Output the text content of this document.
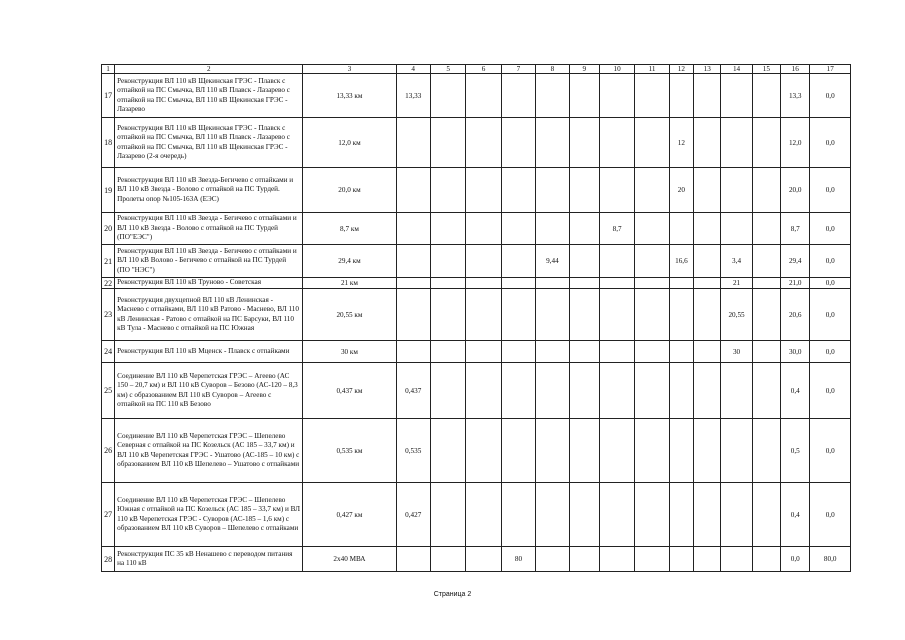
1	2	3	4	5	6	7	8	9	10	11	12	13	14	15	16	17
17	Реконструкция ВЛ 110 кВ Щекинская ГРЭС - Плавск с отпайкой на ПС Смычка, ВЛ 110 кВ Плавск - Лазарево с отпайкой на ПС Смычка, ВЛ 110 кВ Щекинская ГРЭС - Лазарево	13,33 км	13,33												13,3	0,0
18	Реконструкция ВЛ 110 кВ Щекинская ГРЭС - Плавск с отпайкой на ПС Смычка, ВЛ 110 кВ Плавск - Лазарево с отпайкой на ПС Смычка, ВЛ 110 кВ Щекинская ГРЭС - Лазарево (2-я очередь)	12,0 км									12				12,0	0,0
19	Реконструкция ВЛ 110 кВ Звезда-Бегичево с отпайками и ВЛ 110 кВ Звезда - Волово с отпайкой на ПС Турдей. Пролеты опор №105-163А (ЕЭС)	20,0 км									20				20,0	0,0
20	Реконструкция ВЛ 110 кВ Звезда - Бегичево с отпайками и ВЛ 110 кВ Звезда - Волово с отпайкой на ПС Турдей (ПО"ЕЭС")	8,7 км							8,7						8,7	0,0
21	Реконструкция ВЛ 110 кВ Звезда - Бегичево с отпайками и ВЛ 110 кВ Волово - Бегичево с отпайкой на ПС Турдей (ПО "НЭС")	29,4 км					9,44				16,6		3,4		29,4	0,0
22	Реконструкция ВЛ 110 кВ Труново - Советская	21 км											21		21,0	0,0
23	Реконструкция двухцепной ВЛ 110 кВ Ленинская - Маснево с отпайками, ВЛ 110 кВ Ратово - Маснево, ВЛ 110 кВ Ленинская - Ратово с отпайкой на ПС Барсуки, ВЛ 110 кВ Тула - Маснево с отпайкой на ПС Южная	20,55 км											20,55		20,6	0,0
24	Реконструкция ВЛ 110 кВ Мценск - Плавск с отпайками	30 км											30		30,0	0,0
25	Соединение ВЛ 110 кВ Черепетская ГРЭС – Агеево (АС 150 – 20,7 км) и ВЛ 110 кВ Суворов – Безово (АС-120 – 8,3 км) с образованием ВЛ 110 кВ Суворов – Агеево с отпайкой на ПС 110 кВ Безово	0,437 км	0,437												0,4	0,0
26	Соединение ВЛ 110 кВ Черепетская ГРЭС – Шепелево Северная с отпайкой на ПС Козельск (АС 185 – 33,7 км) и ВЛ 110 кВ Черепетская ГРЭС - Ушатово (АС-185 – 10 км) с образованием ВЛ 110 кВ Шепелево – Ушатово с отпайками	0,535 км	0,535												0,5	0,0
27	Соединение ВЛ 110 кВ Черепетская ГРЭС – Шепелево Южная с отпайкой на ПС Козельск (АС 185 – 33,7 км) и ВЛ 110 кВ Черепетская ГРЭС - Суворов (АС-185 – 1,6 км) с образованием ВЛ 110 кВ Суворов – Шепелево с отпайками	0,427 км	0,427												0,4	0,0
28	Реконструкция ПС 35 кВ Ненашево с переводом питания на 110 кВ	2х40 МВА				80									0,0	80,0
Страница 2
